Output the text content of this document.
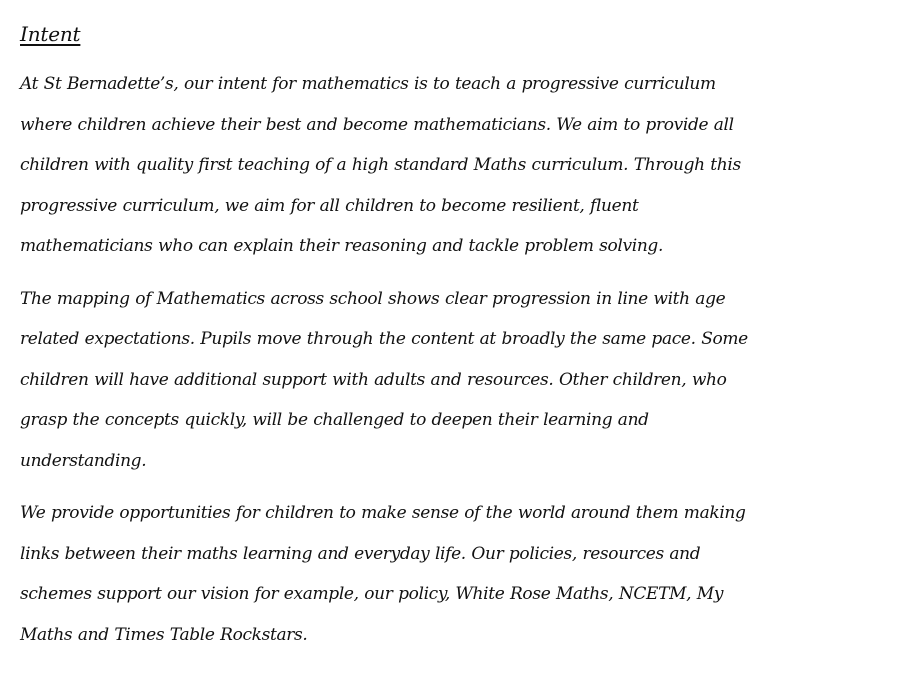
Intent

At St Bernadette’s, our intent for mathematics is to teach a progressive curriculum
where children achieve their best and become mathematicians. We aim to provide all
children with quality first teaching of a high standard Maths curriculum. Through this
progressive curriculum, we aim for all children to become resilient, fluent
mathematicians who can explain their reasoning and tackle problem solving.

The mapping of Mathematics across school shows clear progression in line with age
related expectations. Pupils move through the content at broadly the same pace. Some
children will have additional support with adults and resources. Other children, who
grasp the concepts quickly, will be challenged to deepen their learning and
understanding.

We provide opportunities for children to make sense of the world around them making
links between their maths learning and everyday life. Our policies, resources and
schemes support our vision for example, our policy, White Rose Maths, NCETM, My
Maths and Times Table Rockstars.
